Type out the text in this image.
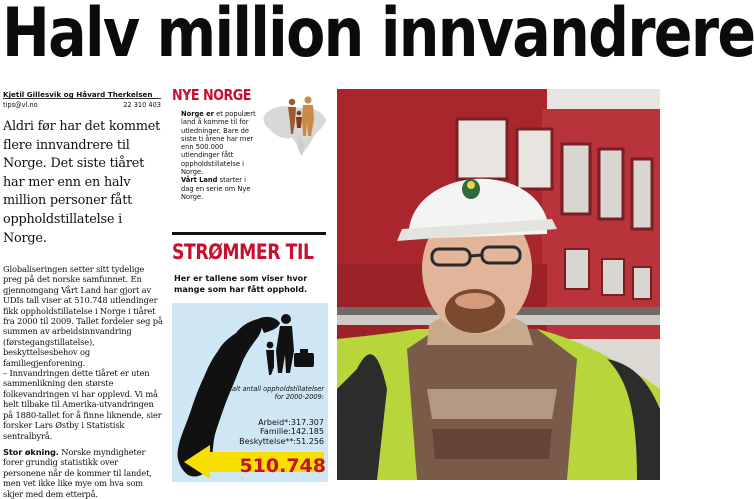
Halv million innvandrere
Kjetil Gillesvik og Håvard Therkelsen
tips@vl.no	22 310 403
Aldri før har det kommet flere innvandrere til Norge. Det siste tiåret har mer enn en halv million personer fått oppholdstillatelse i Norge.

Globaliseringen setter sitt tydelige preg på det norske samfunnet. En gjennomgang Vårt Land har gjort av UDIs tall viser at 510.748 utlendinger fikk oppholdstillatelse i Norge i tiåret fra 2000 til 2009. Tallet fordeler seg på summen av arbeidsinnvandring (førstegangstillatelse), beskyttelsesbehov og familiegjenforening.

– Innvandringen dette tiåret er uten sammenlikning den største folkevandringen vi har opplevd. Vi må helt tilbake til Amerika-utvandringen på 1880-tallet for å finne liknende, sier forsker Lars Østby i Statistisk sentralbyrå.

Stor økning. Norske myndigheter forer grundig statistikk over personene når de kommer til landet, men vet ikke like mye om hva som skjer med dem etterpå.

NYE NORGE
Norge er et populært land å komme til for utledninger. Bare de siste ti årene har mer enn 500.000 utlendinger fått oppholdstillatelse i Norge.
Vårt Land starter i dag en serie om Nye Norge.
STRØMMER TIL
Her er tallene som viser hvor mange som har fått opphold.
Totalt antall oppholdstillatelser for 2000-2009:
Arbeid*:317.307
Familie:142.185
Beskyttelse**:51.256
510.748
